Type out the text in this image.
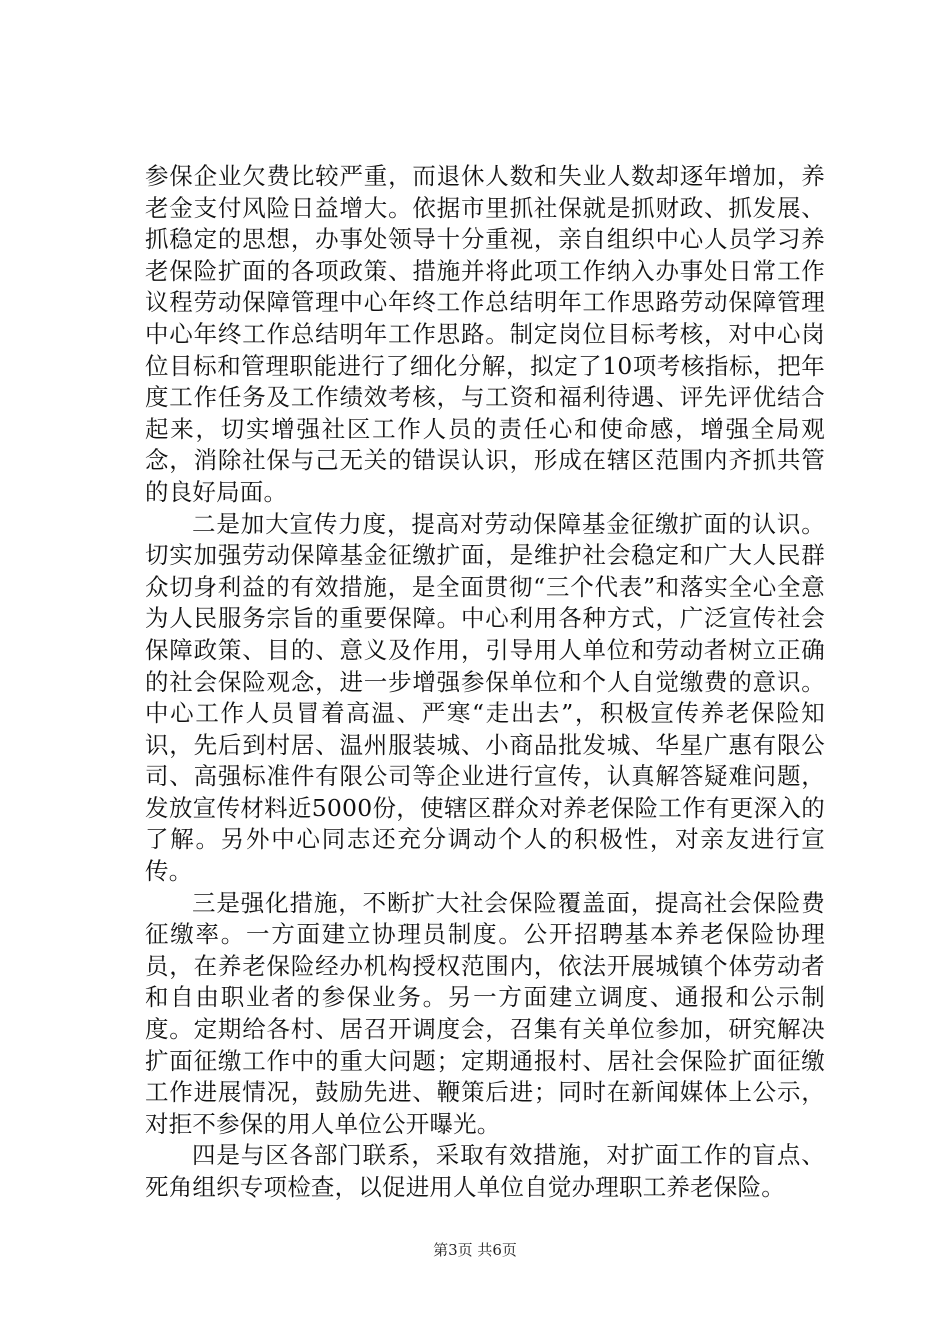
参保企业欠费比较严重，而退休人数和失业人数却逐年增加，养老金支付风险日益增大。依据市里抓社保就是抓财政、抓发展、抓稳定的思想，办事处领导十分重视，亲自组织中心人员学习养老保险扩面的各项政策、措施并将此项工作纳入办事处日常工作议程劳动保障管理中心年终工作总结明年工作思路劳动保障管理中心年终工作总结明年工作思路。制定岗位目标考核，对中心岗位目标和管理职能进行了细化分解，拟定了10项考核指标，把年度工作任务及工作绩效考核，与工资和福利待遇、评先评优结合起来，切实增强社区工作人员的责任心和使命感，增强全局观念，消除社保与己无关的错误认识，形成在辖区范围内齐抓共管的良好局面。

二是加大宣传力度，提高对劳动保障基金征缴扩面的认识。切实加强劳动保障基金征缴扩面，是维护社会稳定和广大人民群众切身利益的有效措施，是全面贯彻“三个代表”和落实全心全意为人民服务宗旨的重要保障。中心利用各种方式，广泛宣传社会保障政策、目的、意义及作用，引导用人单位和劳动者树立正确的社会保险观念，进一步增强参保单位和个人自觉缴费的意识。中心工作人员冒着高温、严寒“走出去”，积极宣传养老保险知识，先后到村居、温州服装城、小商品批发城、华星广惠有限公司、高强标准件有限公司等企业进行宣传，认真解答疑难问题，发放宣传材料近5000份，使辖区群众对养老保险工作有更深入的了解。另外中心同志还充分调动个人的积极性，对亲友进行宣传。

三是强化措施，不断扩大社会保险覆盖面，提高社会保险费征缴率。一方面建立协理员制度。公开招聘基本养老保险协理员，在养老保险经办机构授权范围内，依法开展城镇个体劳动者和自由职业者的参保业务。另一方面建立调度、通报和公示制度。定期给各村、居召开调度会，召集有关单位参加，研究解决扩面征缴工作中的重大问题；定期通报村、居社会保险扩面征缴工作进展情况，鼓励先进、鞭策后进；同时在新闻媒体上公示，对拒不参保的用人单位公开曝光。

四是与区各部门联系，采取有效措施，对扩面工作的盲点、死角组织专项检查，以促进用人单位自觉办理职工养老保险。

第3页 共6页
